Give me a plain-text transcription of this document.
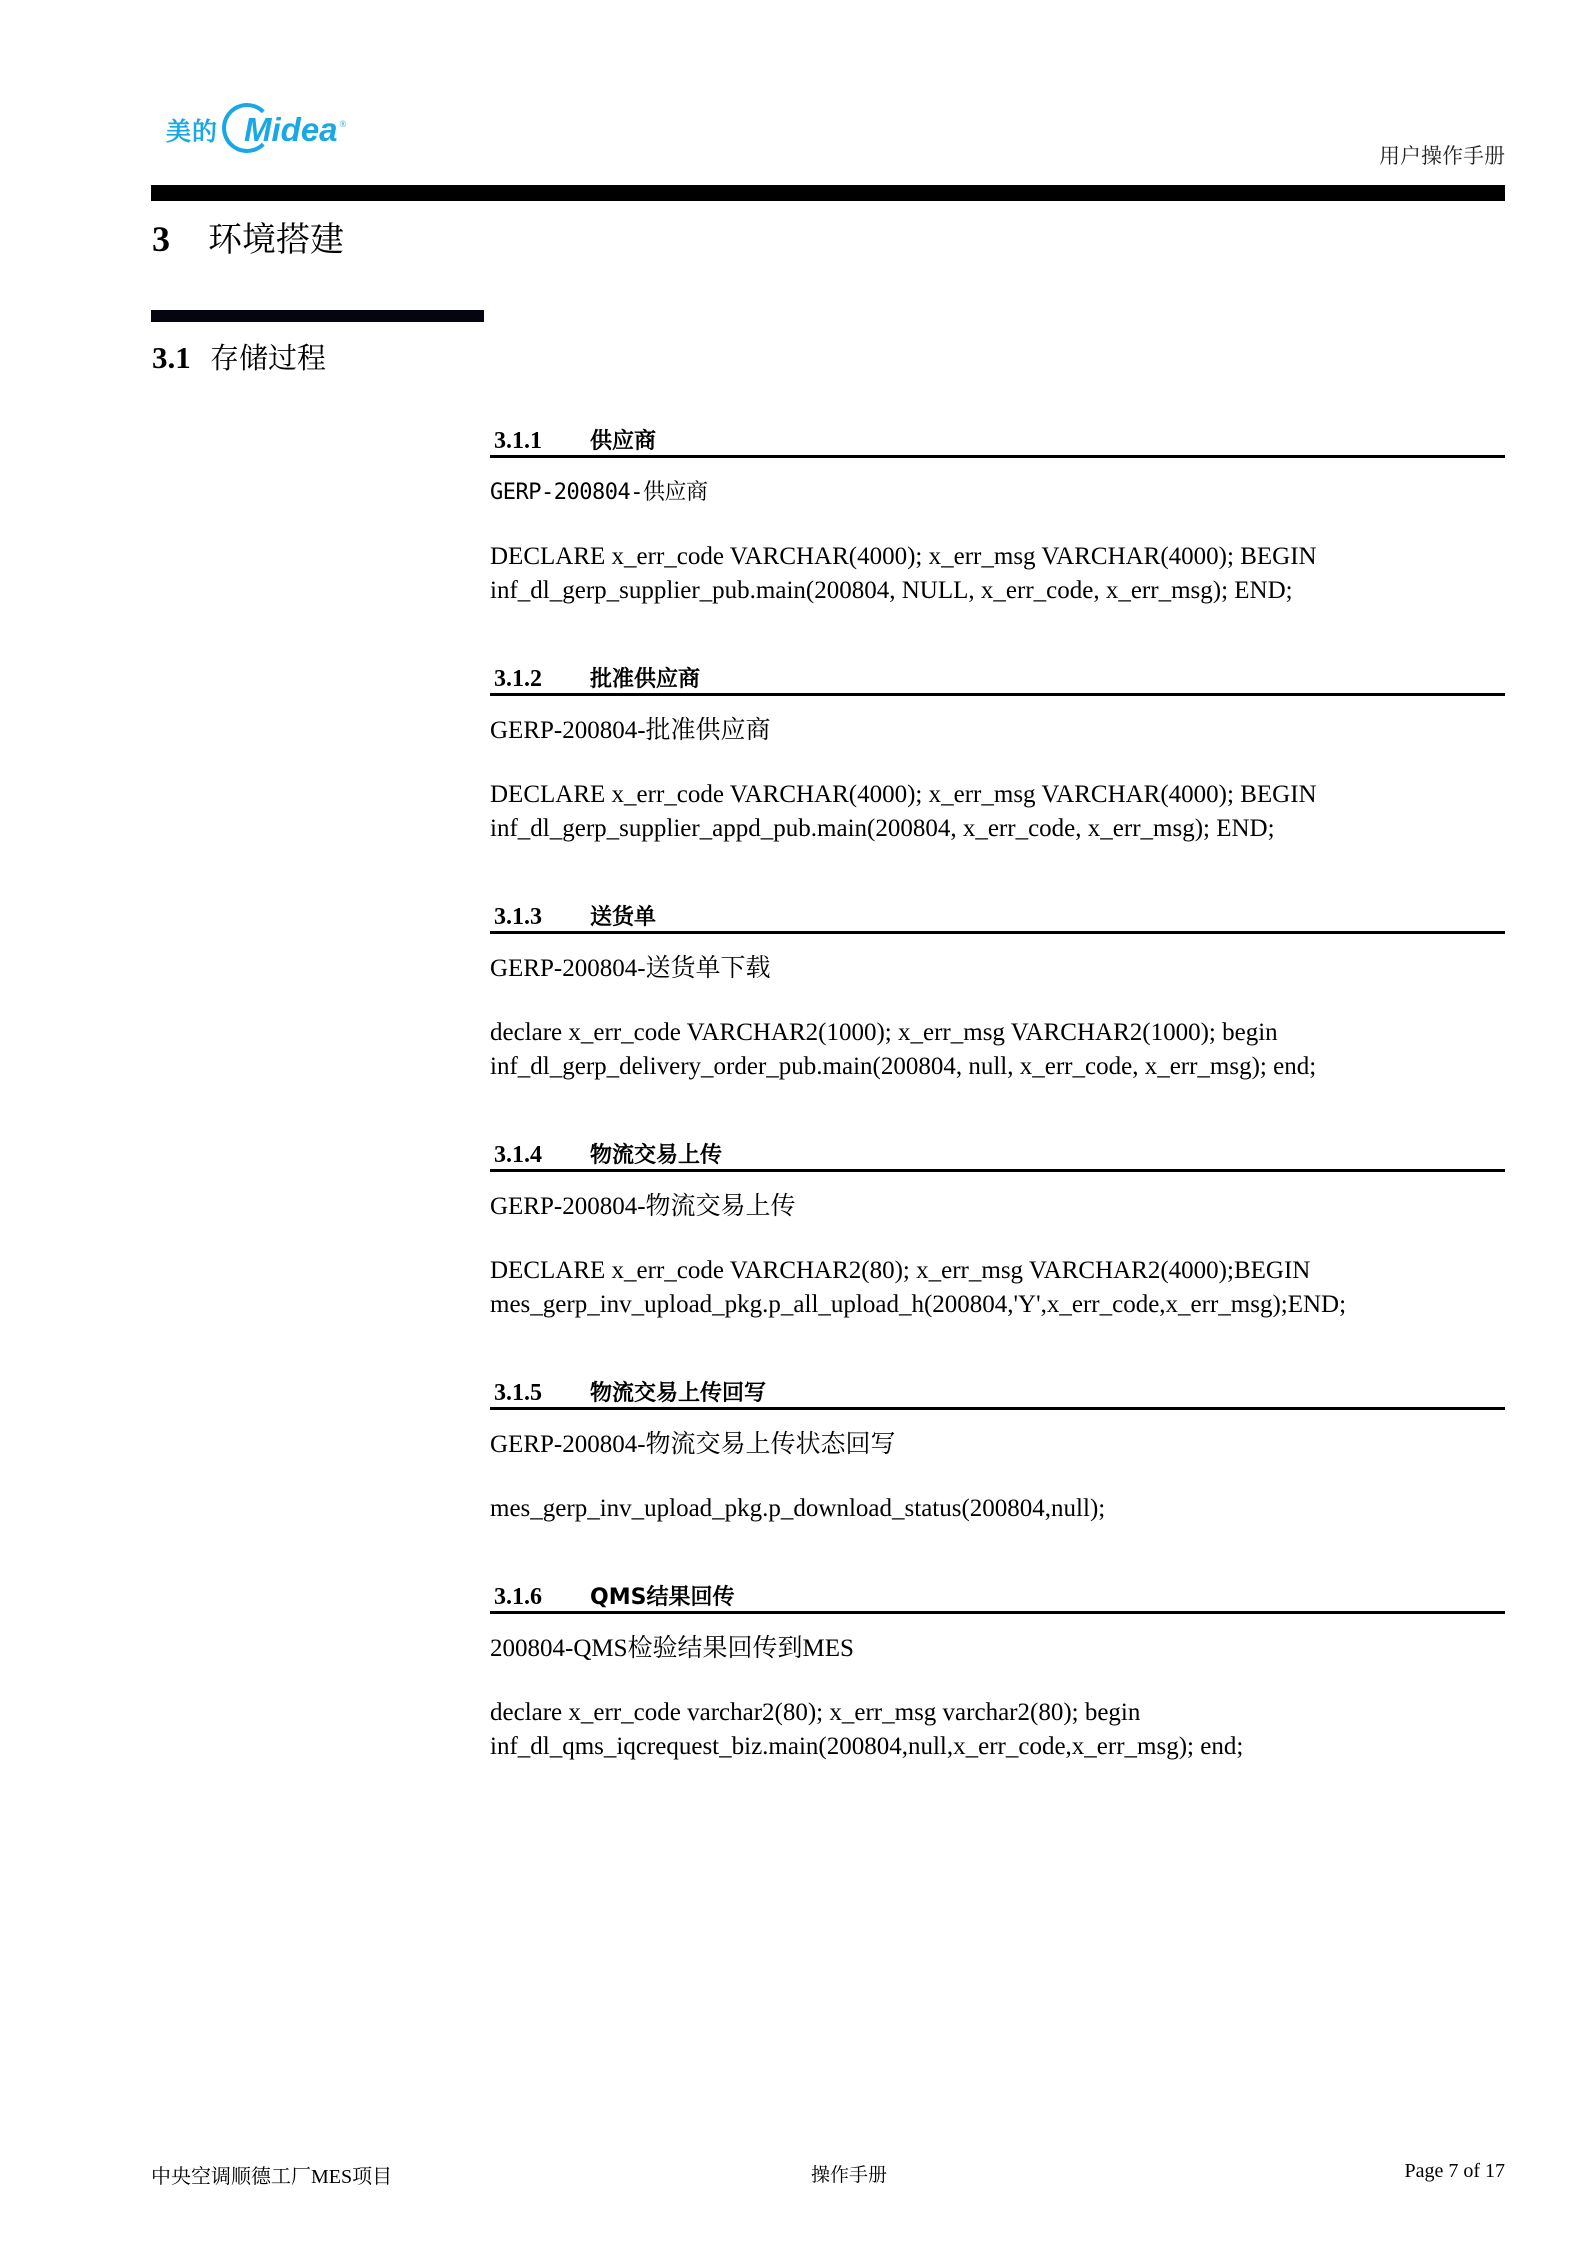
美的 Midea ®
用户操作手册
3	环境搭建
3.1 存储过程
3.1.1	供应商

GERP-200804-供应商

DECLARE x_err_code VARCHAR(4000); x_err_msg VARCHAR(4000); BEGIN
inf_dl_gerp_supplier_pub.main(200804, NULL, x_err_code, x_err_msg); END;

3.1.2	批准供应商

GERP-200804-批准供应商

DECLARE x_err_code VARCHAR(4000); x_err_msg VARCHAR(4000); BEGIN
inf_dl_gerp_supplier_appd_pub.main(200804, x_err_code, x_err_msg); END;

3.1.3	送货单

GERP-200804-送货单下载

declare x_err_code VARCHAR2(1000); x_err_msg VARCHAR2(1000); begin
inf_dl_gerp_delivery_order_pub.main(200804, null, x_err_code, x_err_msg); end;

3.1.4	物流交易上传

GERP-200804-物流交易上传

DECLARE x_err_code VARCHAR2(80); x_err_msg VARCHAR2(4000);BEGIN
mes_gerp_inv_upload_pkg.p_all_upload_h(200804,'Y',x_err_code,x_err_msg);END;

3.1.5	物流交易上传回写

GERP-200804-物流交易上传状态回写

mes_gerp_inv_upload_pkg.p_download_status(200804,null);

3.1.6	QMS结果回传

200804-QMS检验结果回传到MES

declare x_err_code varchar2(80); x_err_msg varchar2(80); begin
inf_dl_qms_iqcrequest_biz.main(200804,null,x_err_code,x_err_msg); end;

中央空调顺德工厂MES项目	操作手册	Page 7 of 17
